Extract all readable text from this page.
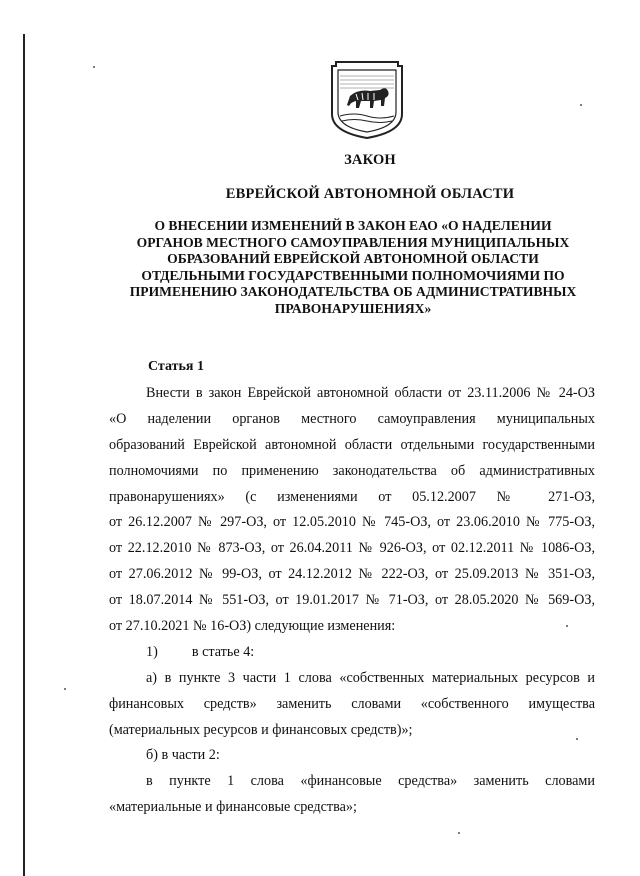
ЗАКОН
ЕВРЕЙСКОЙ АВТОНОМНОЙ ОБЛАСТИ
О ВНЕСЕНИИ ИЗМЕНЕНИЙ В ЗАКОН ЕАО «О НАДЕЛЕНИИ
ОРГАНОВ МЕСТНОГО САМОУПРАВЛЕНИЯ МУНИЦИПАЛЬНЫХ
ОБРАЗОВАНИЙ ЕВРЕЙСКОЙ АВТОНОМНОЙ ОБЛАСТИ
ОТДЕЛЬНЫМИ ГОСУДАРСТВЕННЫМИ ПОЛНОМОЧИЯМИ ПО
ПРИМЕНЕНИЮ ЗАКОНОДАТЕЛЬСТВА ОБ АДМИНИСТРАТИВНЫХ
ПРАВОНАРУШЕНИЯХ»
Статья 1
Внести в закон Еврейской автономной области от 23.11.2006 № 24-ОЗ
«О наделении органов местного самоуправления муниципальных
образований Еврейской автономной области отдельными государственными
полномочиями по применению законодательства об административных
правонарушениях» (с изменениями от 05.12.2007 № 271-ОЗ,
от 26.12.2007 № 297-ОЗ, от 12.05.2010 № 745-ОЗ, от 23.06.2010 № 775-ОЗ,
от 22.12.2010 № 873-ОЗ, от 26.04.2011 № 926-ОЗ, от 02.12.2011 № 1086-ОЗ,
от 27.06.2012 № 99-ОЗ, от 24.12.2012 № 222-ОЗ, от 25.09.2013 № 351-ОЗ,
от 18.07.2014 № 551-ОЗ, от 19.01.2017 № 71-ОЗ, от 28.05.2020 № 569-ОЗ,
от 27.10.2021 № 16-ОЗ) следующие изменения:
1) в статье 4:
а) в пункте 3 части 1 слова «собственных материальных ресурсов и
финансовых средств» заменить словами «собственного имущества
(материальных ресурсов и финансовых средств)»;
б) в части 2:
в пункте 1 слова «финансовые средства» заменить словами
«материальные и финансовые средства»;
